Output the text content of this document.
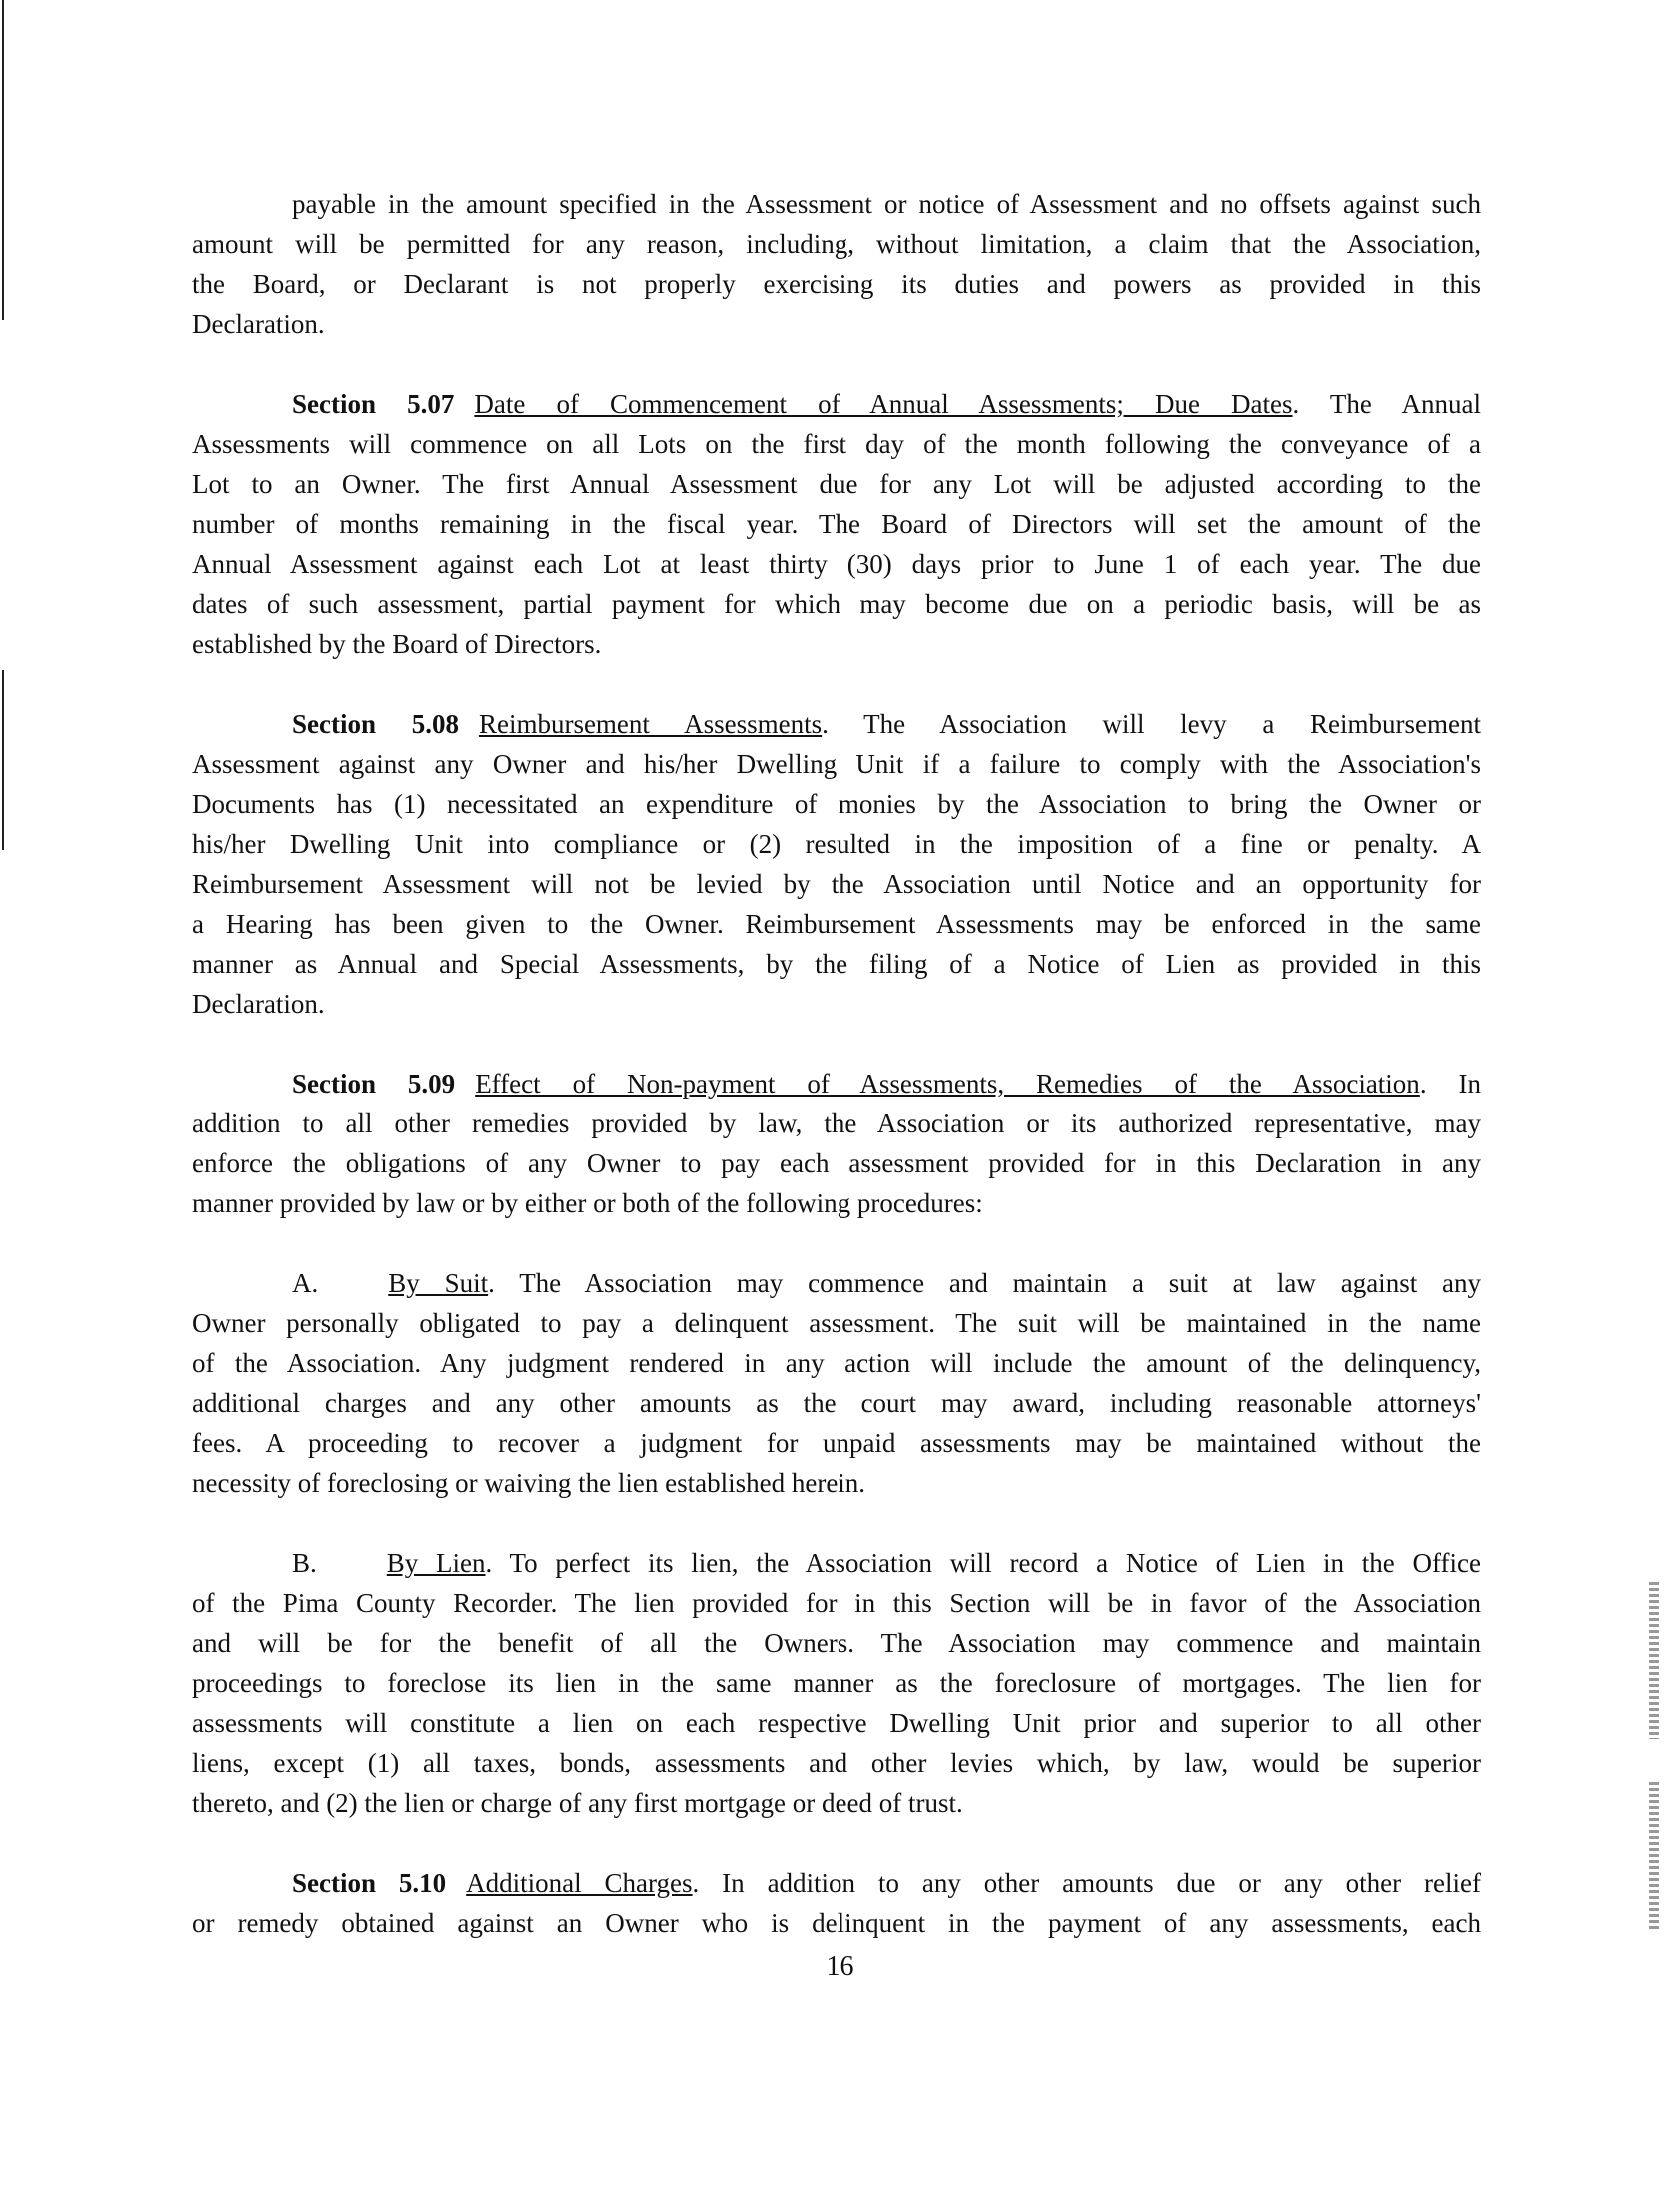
payable in the amount specified in the Assessment or notice of Assessment and no offsets against such
amount will be permitted for any reason, including, without limitation, a claim that the Association,
the Board, or Declarant is not properly exercising its duties and powers as provided in this
Declaration.
Section 5.07 Date of Commencement of Annual Assessments; Due Dates. The Annual
Assessments will commence on all Lots on the first day of the month following the conveyance of a
Lot to an Owner. The first Annual Assessment due for any Lot will be adjusted according to the
number of months remaining in the fiscal year. The Board of Directors will set the amount of the
Annual Assessment against each Lot at least thirty (30) days prior to June 1 of each year. The due
dates of such assessment, partial payment for which may become due on a periodic basis, will be as
established by the Board of Directors.
Section 5.08 Reimbursement Assessments. The Association will levy a Reimbursement
Assessment against any Owner and his/her Dwelling Unit if a failure to comply with the Association's
Documents has (1) necessitated an expenditure of monies by the Association to bring the Owner or
his/her Dwelling Unit into compliance or (2) resulted in the imposition of a fine or penalty. A
Reimbursement Assessment will not be levied by the Association until Notice and an opportunity for
a Hearing has been given to the Owner. Reimbursement Assessments may be enforced in the same
manner as Annual and Special Assessments, by the filing of a Notice of Lien as provided in this
Declaration.
Section 5.09 Effect of Non-payment of Assessments, Remedies of the Association. In
addition to all other remedies provided by law, the Association or its authorized representative, may
enforce the obligations of any Owner to pay each assessment provided for in this Declaration in any
manner provided by law or by either or both of the following procedures:
A.	By Suit. The Association may commence and maintain a suit at law against any
Owner personally obligated to pay a delinquent assessment. The suit will be maintained in the name
of the Association. Any judgment rendered in any action will include the amount of the delinquency,
additional charges and any other amounts as the court may award, including reasonable attorneys'
fees. A proceeding to recover a judgment for unpaid assessments may be maintained without the
necessity of foreclosing or waiving the lien established herein.
B.	By Lien. To perfect its lien, the Association will record a Notice of Lien in the Office
of the Pima County Recorder. The lien provided for in this Section will be in favor of the Association
and will be for the benefit of all the Owners. The Association may commence and maintain
proceedings to foreclose its lien in the same manner as the foreclosure of mortgages. The lien for
assessments will constitute a lien on each respective Dwelling Unit prior and superior to all other
liens, except (1) all taxes, bonds, assessments and other levies which, by law, would be superior
thereto, and (2) the lien or charge of any first mortgage or deed of trust.
Section 5.10 Additional Charges. In addition to any other amounts due or any other relief
or remedy obtained against an Owner who is delinquent in the payment of any assessments, each
16
